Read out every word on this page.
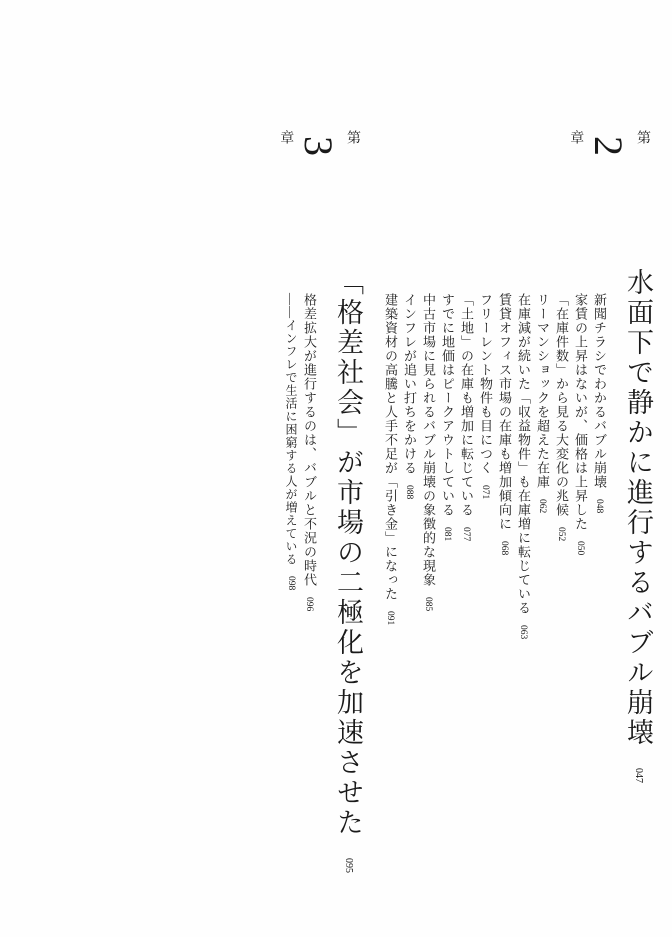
第
2
章
水面下で静かに進行するバブル崩壊 047
新聞チラシでわかるバブル崩壊 048
家賃の上昇はないが、価格は上昇した 050
「在庫件数」から見る大変化の兆候 052
リーマンショックを超えた在庫 062
在庫減が続いた「収益物件」も在庫増に転じている 063
賃貸オフィス市場の在庫も増加傾向に 068
フリーレント物件も目につく 071
「土地」の在庫も増加に転じている 077
すでに地価はピークアウトしている 081
中古市場に見られるバブル崩壊の象徴的な現象 085
インフレが追い打ちをかける 088
建築資材の高騰と人手不足が「引き金」になった 091
第
3
章
「格差社会」が市場の二極化を加速させた 095
格差拡大が進行するのは、バブルと不況の時代 096
――インフレで生活に困窮する人が増えている 098
